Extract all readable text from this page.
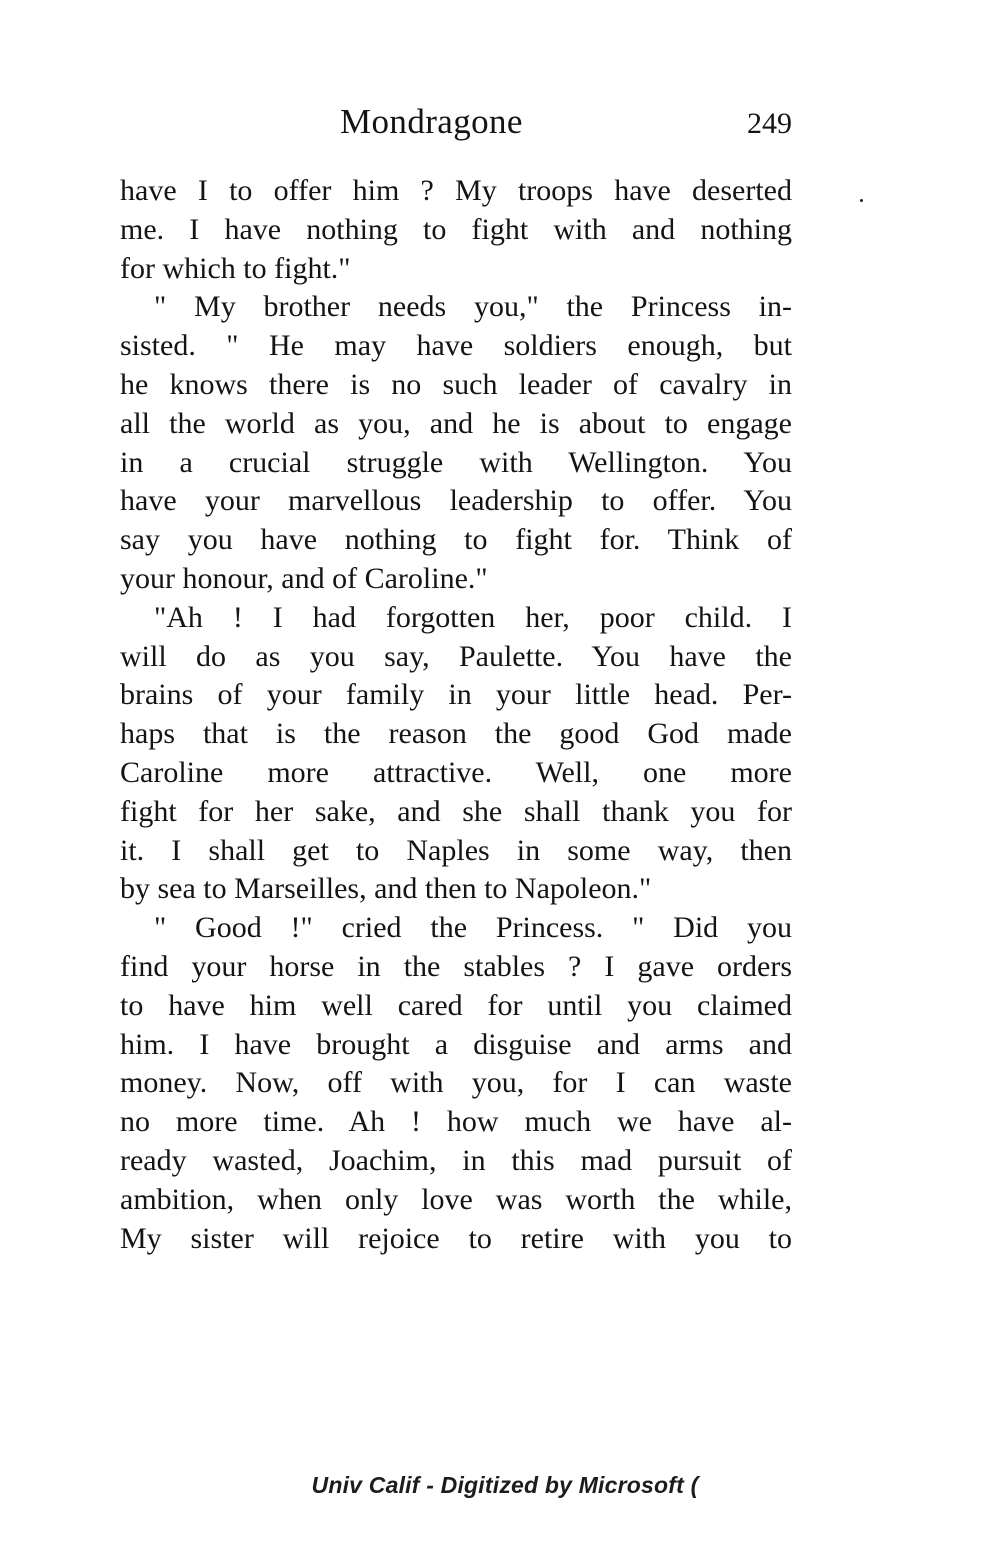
Mondragone	249
have I to offer him ? My troops have deserted
me. I have nothing to fight with and nothing
for which to fight."
" My brother needs you," the Princess in-
sisted. " He may have soldiers enough, but
he knows there is no such leader of cavalry in
all the world as you, and he is about to engage
in a crucial struggle with Wellington. You
have your marvellous leadership to offer. You
say you have nothing to fight for. Think of
your honour, and of Caroline."
"Ah ! I had forgotten her, poor child. I
will do as you say, Paulette. You have the
brains of your family in your little head. Per-
haps that is the reason the good God made
Caroline more attractive. Well, one more
fight for her sake, and she shall thank you for
it. I shall get to Naples in some way, then
by sea to Marseilles, and then to Napoleon."
" Good !" cried the Princess. " Did you
find your horse in the stables ? I gave orders
to have him well cared for until you claimed
him. I have brought a disguise and arms and
money. Now, off with you, for I can waste
no more time. Ah ! how much we have al-
ready wasted, Joachim, in this mad pursuit of
ambition, when only love was worth the while,
My sister will rejoice to retire with you to
Univ Calif - Digitized by Microsoft (
